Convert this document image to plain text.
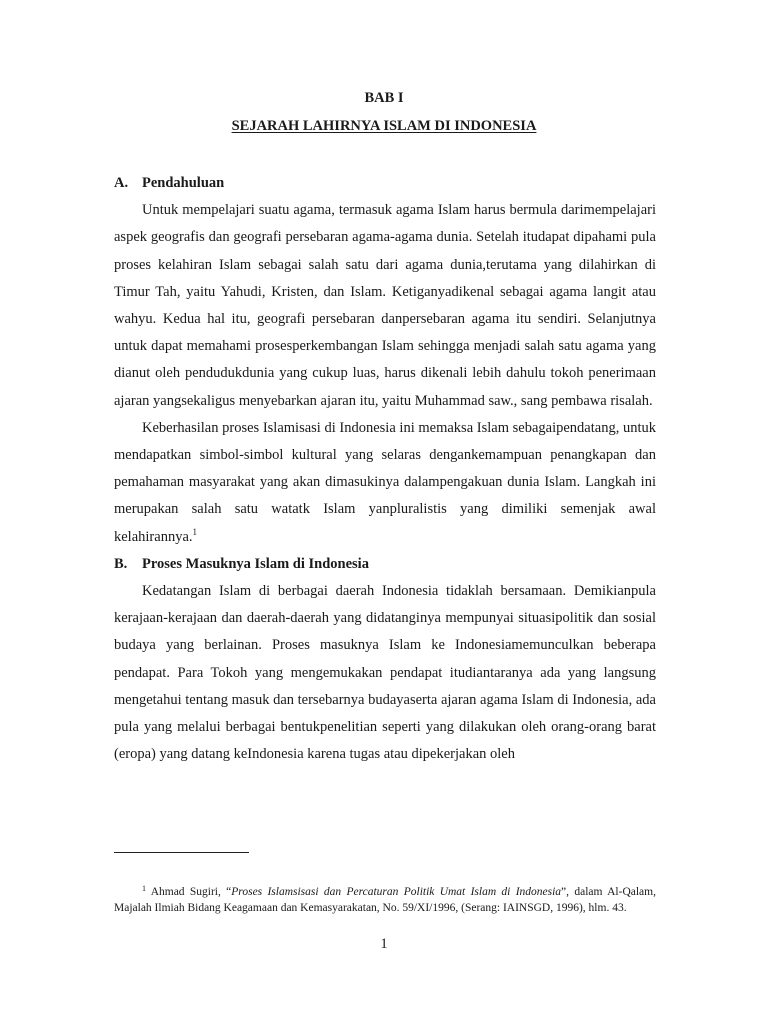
BAB I
SEJARAH LAHIRNYA ISLAM DI INDONESIA
A. Pendahuluan

Untuk mempelajari suatu agama, termasuk agama Islam harus bermula darimempelajari aspek geografis dan geografi persebaran agama-agama dunia. Setelah itudapat dipahami pula proses kelahiran Islam sebagai salah satu dari agama dunia,terutama yang dilahirkan di Timur Tah, yaitu Yahudi, Kristen, dan Islam. Ketiganyadikenal sebagai agama langit atau wahyu. Kedua hal itu, geografi persebaran danpersebaran agama itu sendiri. Selanjutnya untuk dapat memahami prosesperkembangan Islam sehingga menjadi salah satu agama yang dianut oleh pendudukdunia yang cukup luas, harus dikenali lebih dahulu tokoh penerimaan ajaran yangsekaligus menyebarkan ajaran itu, yaitu Muhammad saw., sang pembawa risalah.

Keberhasilan proses Islamisasi di Indonesia ini memaksa Islam sebagaipendatang, untuk mendapatkan simbol-simbol kultural yang selaras dengankemampuan penangkapan dan pemahaman masyarakat yang akan dimasukinya dalampengakuan dunia Islam. Langkah ini merupakan salah satu watatk Islam yanpluralistis yang dimiliki semenjak awal kelahirannya.$^1$

B. Proses Masuknya Islam di Indonesia

Kedatangan Islam di berbagai daerah Indonesia tidaklah bersamaan. Demikianpula kerajaan-kerajaan dan daerah-daerah yang didatanginya mempunyai situasipolitik dan sosial budaya yang berlainan. Proses masuknya Islam ke Indonesiamemunculkan beberapa pendapat. Para Tokoh yang mengemukakan pendapat itudiantaranya ada yang langsung mengetahui tentang masuk dan tersebarnya budayaserta ajaran agama Islam di Indonesia, ada pula yang melalui berbagai bentukpenelitian seperti yang dilakukan oleh orang-orang barat (eropa) yang datang keIndonesia karena tugas atau dipekerjakan oleh

$^1$ Ahmad Sugiri, “Proses Islamsisasi dan Percaturan Politik Umat Islam di Indonesia”, dalam Al-Qalam, Majalah Ilmiah Bidang Keagamaan dan Kemasyarakatan, No. 59/XI/1996, (Serang: IAINSGD, 1996), hlm. 43.
1
